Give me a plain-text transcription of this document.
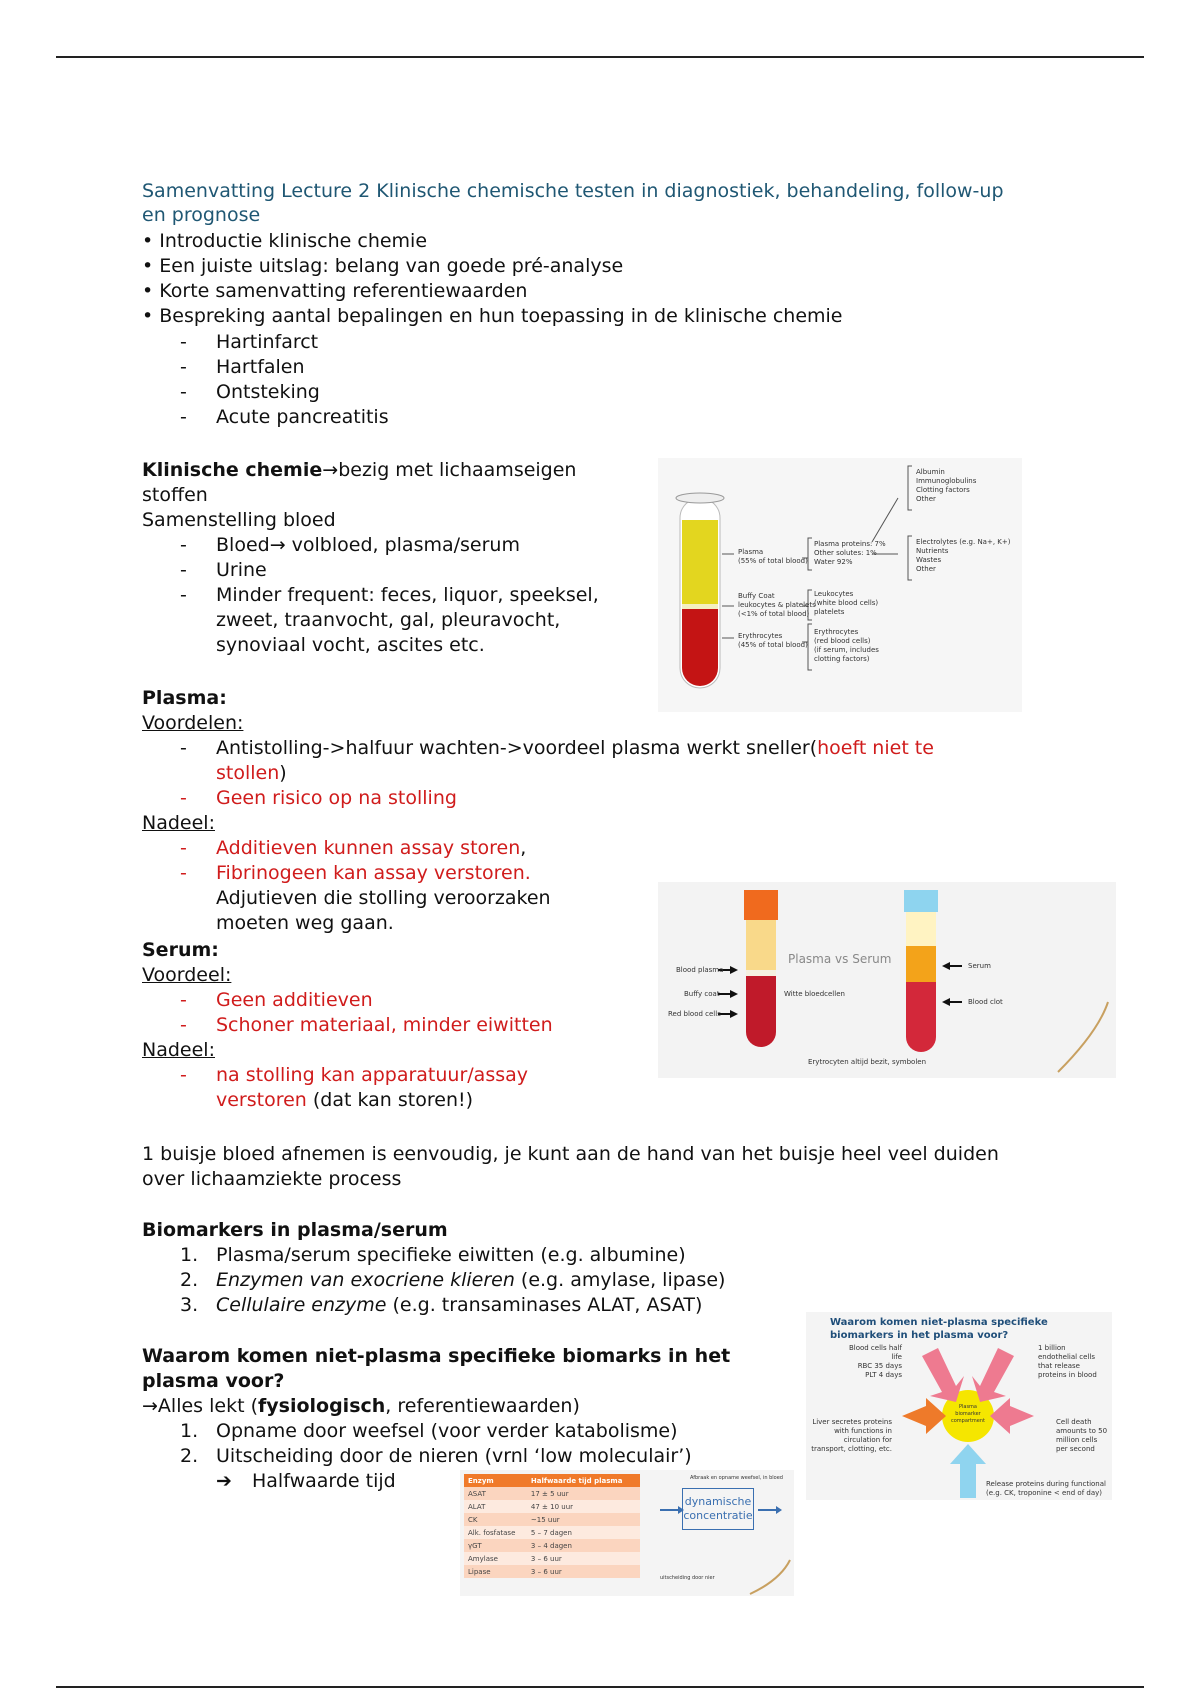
Samenvatting Lecture 2 Klinische chemische testen in diagnostiek, behandeling, follow-up
en prognose
• Introductie klinische chemie
• Een juiste uitslag: belang van goede pré-analyse
• Korte samenvatting referentiewaarden
• Bespreking aantal bepalingen en hun toepassing in de klinische chemie
- Hartinfarct
- Hartfalen
- Ontsteking
- Acute pancreatitis
Klinische chemie→bezig met lichaamseigen
stoffen
Samenstelling bloed
- Bloed→ volbloed, plasma/serum
- Urine
- Minder frequent: feces, liquor, speeksel,
zweet, traanvocht, gal, pleuravocht,
synoviaal vocht, ascites etc.
Plasma
(55% of total blood)
Buffy Coat
leukocytes & platelets
(<1% of total blood)
Erythrocytes
(45% of total blood)
Plasma proteins: 7%
Other solutes: 1%
Water 92%
Leukocytes
(white blood cells)
platelets
Erythrocytes
(red blood cells)
(if serum, includes
clotting factors)
Albumin
Immunoglobulins
Clotting factors
Other
Electrolytes (e.g. Na+, K+)
Nutrients
Wastes
Other
Plasma:
Voordelen:
- Antistolling->halfuur wachten->voordeel plasma werkt sneller(hoeft niet te
stollen)
- Geen risico op na stolling
Nadeel:
- Additieven kunnen assay storen,
- Fibrinogeen kan assay verstoren.
Adjutieven die stolling veroorzaken
moeten weg gaan.
Plasma vs Serum
Blood plasma
Buffy coat
Red blood cells
Witte bloedcellen
Erytrocyten altijd bezit, symbolen
Serum
Blood clot
Serum:
Voordeel:
- Geen additieven
- Schoner materiaal, minder eiwitten
Nadeel:
- na stolling kan apparatuur/assay
verstoren (dat kan storen!)
1 buisje bloed afnemen is eenvoudig, je kunt aan de hand van het buisje heel veel duiden
over lichaamziekte process
Biomarkers in plasma/serum
1. Plasma/serum specifieke eiwitten (e.g. albumine)
2. Enzymen van exocriene klieren (e.g. amylase, lipase)
3. Cellulaire enzyme (e.g. transaminases ALAT, ASAT)
Waarom komen niet-plasma specifieke biomarks in het
plasma voor?
→Alles lekt (fysiologisch, referentiewaarden)
1. Opname door weefsel (voor verder katabolisme)
2. Uitscheiding door de nieren (vrnl ‘low moleculair’)
➔ Halfwaarde tijd
Waarom komen niet-plasma specifieke
biomarkers in het plasma voor?
Blood cells half life
RBC 35 days
PLT 4 days
1 billion
endothelial cells
that release
proteins in blood
Liver secretes proteins
with functions in
circulation for
transport, clotting, etc.
Cell death
amounts to 50
million cells
per second
Plasma
biomarker
compartment
Release proteins during functional
(e.g. CK, troponine < end of day)
Enzym	Halfwaarde tijd plasma
ASAT	17 ± 5 uur
ALAT	47 ± 10 uur
CK	~15 uur
Alk. fosfatase	5 – 7 dagen
γGT	3 – 4 dagen
Amylase	3 – 6 uur
Lipase	3 – 6 uur
Afbraak en opname weefsel, in bloed
dynamische
concentratie
uitscheiding door nier
